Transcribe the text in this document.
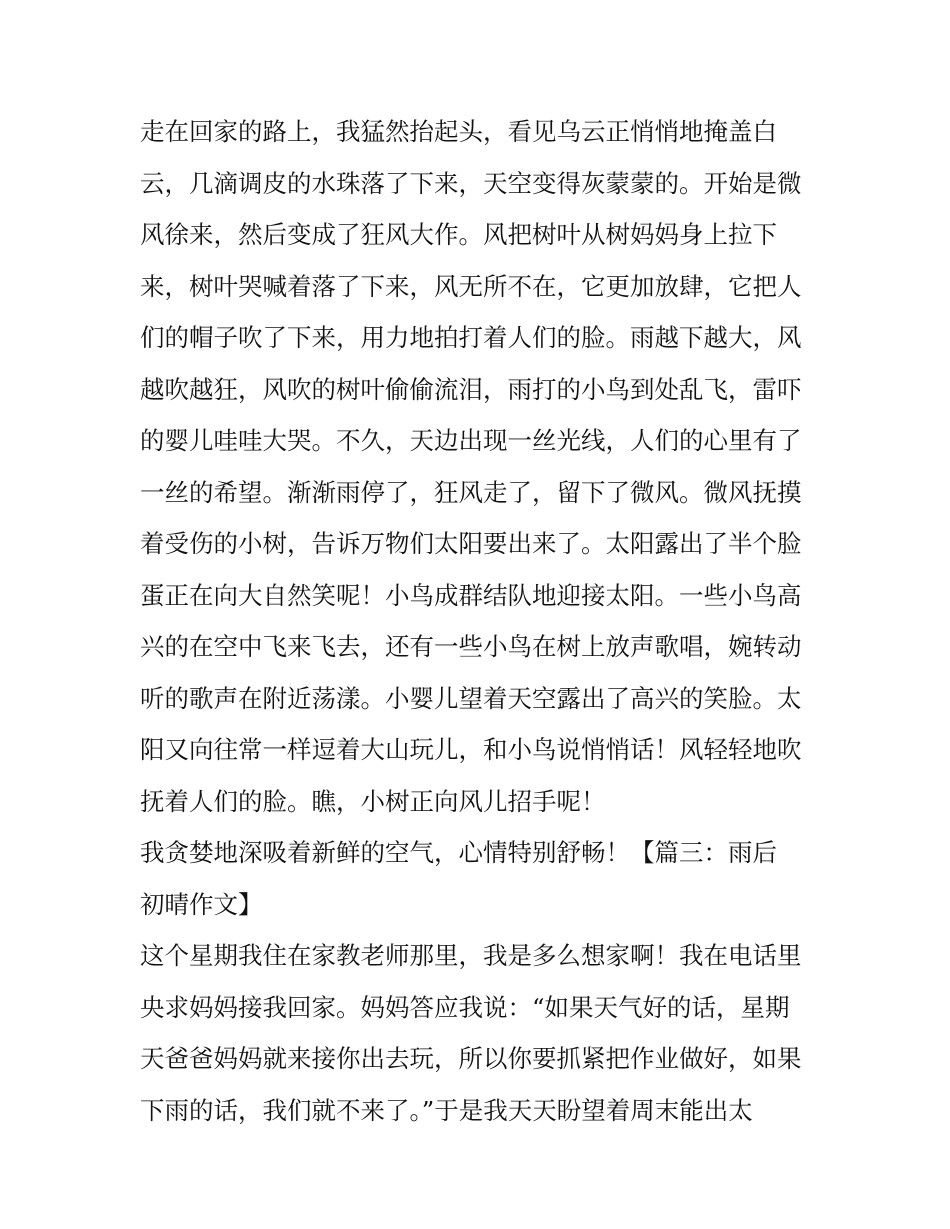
走在回家的路上，我猛然抬起头，看见乌云正悄悄地掩盖白
云，几滴调皮的水珠落了下来，天空变得灰蒙蒙的。开始是微
风徐来，然后变成了狂风大作。风把树叶从树妈妈身上拉下
来，树叶哭喊着落了下来，风无所不在，它更加放肆，它把人
们的帽子吹了下来，用力地拍打着人们的脸。雨越下越大，风
越吹越狂，风吹的树叶偷偷流泪，雨打的小鸟到处乱飞，雷吓
的婴儿哇哇大哭。不久，天边出现一丝光线，人们的心里有了
一丝的希望。渐渐雨停了，狂风走了，留下了微风。微风抚摸
着受伤的小树，告诉万物们太阳要出来了。太阳露出了半个脸
蛋正在向大自然笑呢！小鸟成群结队地迎接太阳。一些小鸟高
兴的在空中飞来飞去，还有一些小鸟在树上放声歌唱，婉转动
听的歌声在附近荡漾。小婴儿望着天空露出了高兴的笑脸。太
阳又向往常一样逗着大山玩儿，和小鸟说悄悄话！风轻轻地吹
抚着人们的脸。瞧，小树正向风儿招手呢！
我贪婪地深吸着新鲜的空气，心情特别舒畅！【篇三：雨后
初晴作文】
这个星期我住在家教老师那里，我是多么想家啊！我在电话里
央求妈妈接我回家。妈妈答应我说：“如果天气好的话，星期
天爸爸妈妈就来接你出去玩，所以你要抓紧把作业做好，如果
下雨的话，我们就不来了。”于是我天天盼望着周末能出太
